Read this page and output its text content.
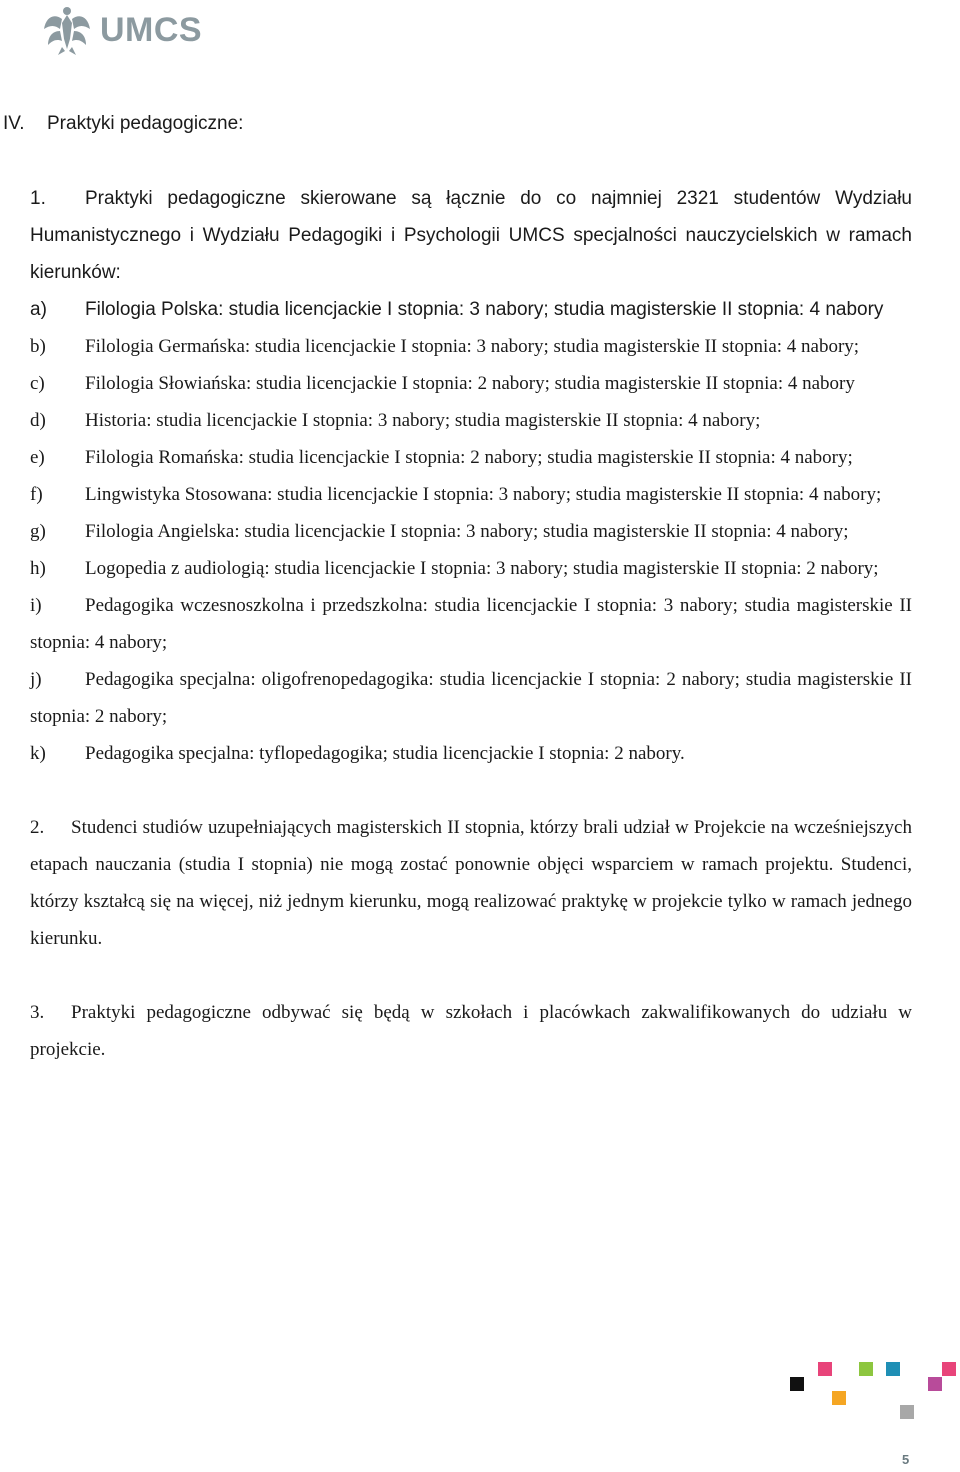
UMCS
IV. Praktyki pedagogiczne:
1. Praktyki pedagogiczne skierowane są łącznie do co najmniej 2321 studentów Wydziału Humanistycznego i Wydziału Pedagogiki i Psychologii UMCS specjalności nauczycielskich w ramach kierunków:
a) Filologia Polska: studia licencjackie I stopnia: 3 nabory; studia magisterskie II stopnia: 4 nabory
b) Filologia Germańska: studia licencjackie I stopnia: 3 nabory; studia magisterskie II stopnia: 4 nabory;
c) Filologia Słowiańska: studia licencjackie I stopnia: 2 nabory; studia magisterskie II stopnia: 4 nabory
d) Historia: studia licencjackie I stopnia: 3 nabory; studia magisterskie II stopnia: 4 nabory;
e) Filologia Romańska: studia licencjackie I stopnia: 2 nabory; studia magisterskie II stopnia: 4 nabory;
f) Lingwistyka Stosowana: studia licencjackie I stopnia: 3 nabory; studia magisterskie II stopnia: 4 nabory;
g) Filologia Angielska: studia licencjackie I stopnia: 3 nabory; studia magisterskie II stopnia: 4 nabory;
h) Logopedia z audiologią: studia licencjackie I stopnia: 3 nabory; studia magisterskie II stopnia: 2 nabory;
i) Pedagogika wczesnoszkolna i przedszkolna: studia licencjackie I stopnia: 3 nabory; studia magisterskie II stopnia: 4 nabory;
j) Pedagogika specjalna: oligofrenopedagogika: studia licencjackie I stopnia: 2 nabory; studia magisterskie II stopnia: 2 nabory;
k) Pedagogika specjalna: tyflopedagogika; studia licencjackie I stopnia: 2 nabory.
2. Studenci studiów uzupełniających magisterskich II stopnia, którzy brali udział w Projekcie na wcześniejszych etapach nauczania (studia I stopnia) nie mogą zostać ponownie objęci wsparciem w ramach projektu. Studenci, którzy kształcą się na więcej, niż jednym kierunku, mogą realizować praktykę w projekcie tylko w ramach jednego kierunku.
3. Praktyki pedagogiczne odbywać się będą w szkołach i placówkach zakwalifikowanych do udziału w projekcie.
5
